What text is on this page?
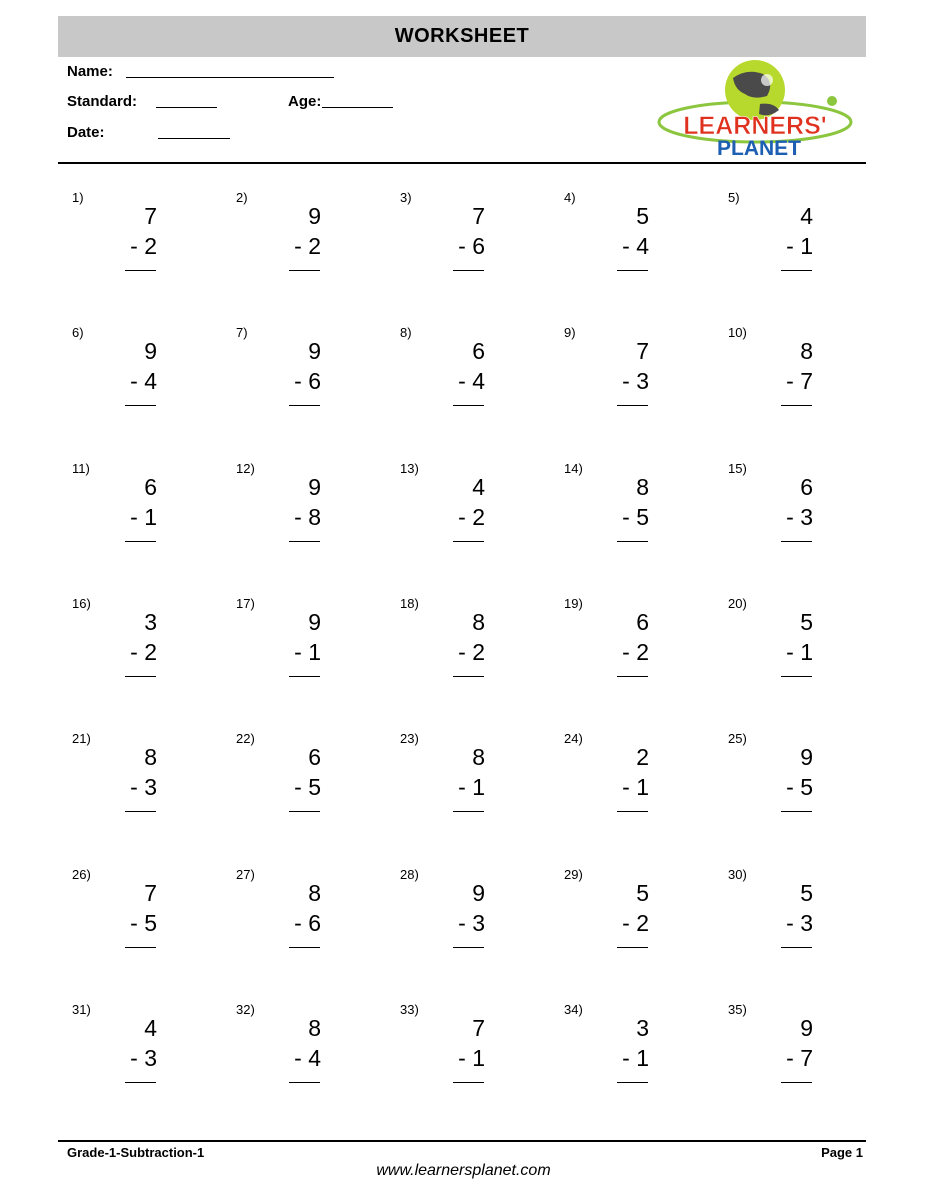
WORKSHEET
Name:
Standard:	Age:
Date:	LEARNERS'
PLANET
1)
7
- 2
2)
9
- 2
3)
7
- 6
4)
5
- 4
5)
4
- 1
6)
9
- 4
7)
9
- 6
8)
6
- 4
9)
7
- 3
10)
8
- 7
11)
6
- 1
12)
9
- 8
13)
4
- 2
14)
8
- 5
15)
6
- 3
16)
3
- 2
17)
9
- 1
18)
8
- 2
19)
6
- 2
20)
5
- 1
21)
8
- 3
22)
6
- 5
23)
8
- 1
24)
2
- 1
25)
9
- 5
26)
7
- 5
27)
8
- 6
28)
9
- 3
29)
5
- 2
30)
5
- 3
31)
4
- 3
32)
8
- 4
33)
7
- 1
34)
3
- 1
35)
9
- 7
Grade-1-Subtraction-1	Page 1
www.learnersplanet.com
